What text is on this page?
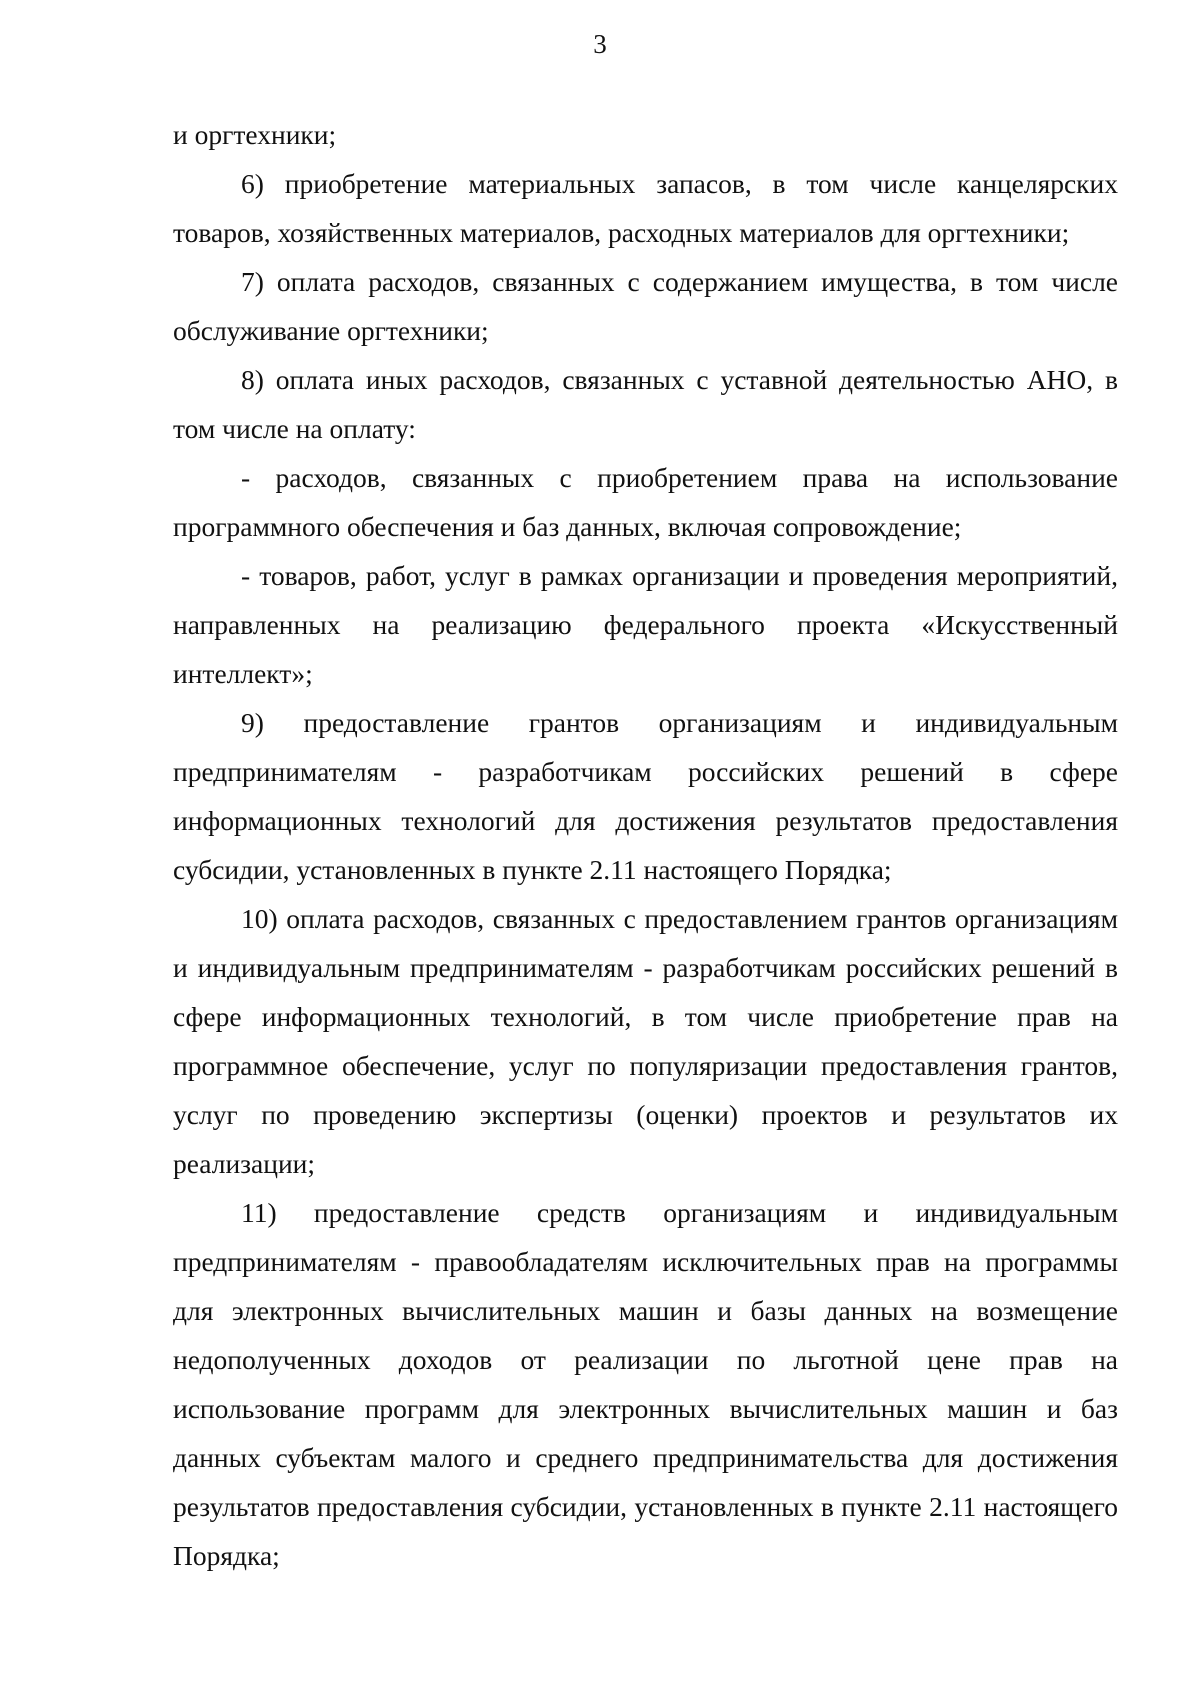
3

и оргтехники;

6) приобретение материальных запасов, в том числе канцелярских товаров, хозяйственных материалов, расходных материалов для оргтехники;

7) оплата расходов, связанных с содержанием имущества, в том числе обслуживание оргтехники;

8) оплата иных расходов, связанных с уставной деятельностью АНО, в том числе на оплату:

- расходов, связанных с приобретением права на использование программного обеспечения и баз данных, включая сопровождение;

- товаров, работ, услуг в рамках организации и проведения мероприятий, направленных на реализацию федерального проекта «Искусственный интеллект»;

9) предоставление грантов организациям и индивидуальным предпринимателям - разработчикам российских решений в сфере информационных технологий для достижения результатов предоставления субсидии, установленных в пункте 2.11 настоящего Порядка;

10) оплата расходов, связанных с предоставлением грантов организациям и индивидуальным предпринимателям - разработчикам российских решений в сфере информационных технологий, в том числе приобретение прав на программное обеспечение, услуг по популяризации предоставления грантов, услуг по проведению экспертизы (оценки) проектов и результатов их реализации;

11) предоставление средств организациям и индивидуальным предпринимателям - правообладателям исключительных прав на программы для электронных вычислительных машин и базы данных на возмещение недополученных доходов от реализации по льготной цене прав на использование программ для электронных вычислительных машин и баз данных субъектам малого и среднего предпринимательства для достижения результатов предоставления субсидии, установленных в пункте 2.11 настоящего Порядка;
